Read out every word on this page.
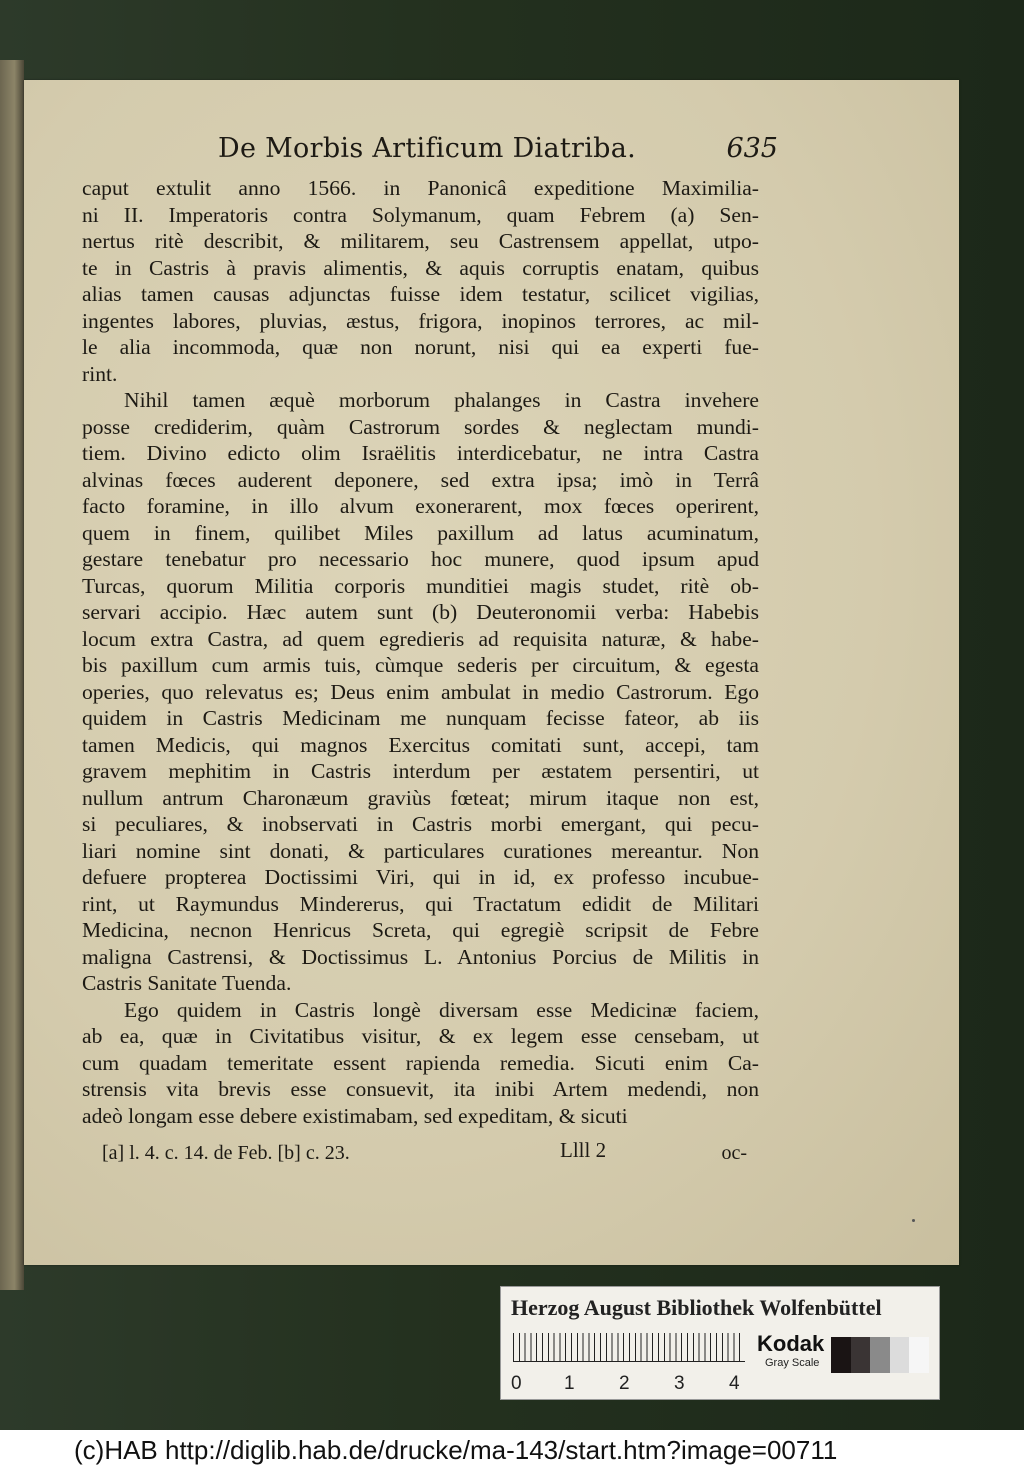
De Morbis Artificum Diatriba.	635
caput extulit anno 1566. in Panonicâ expeditione Maximilia-
ni II. Imperatoris contra Solymanum, quam Febrem (a) Sen-
nertus ritè describit, & militarem, seu Castrensem appellat, utpo-
te in Castris à pravis alimentis, & aquis corruptis enatam, quibus
alias tamen causas adjunctas fuisse idem testatur, scilicet vigilias,
ingentes labores, pluvias, æstus, frigora, inopinos terrores, ac mil-
le alia incommoda, quæ non norunt, nisi qui ea experti fue-
rint.
Nihil tamen æquè morborum phalanges in Castra invehere
posse crediderim, quàm Castrorum sordes & neglectam mundi-
tiem. Divino edicto olim Israëlitis interdicebatur, ne intra Castra
alvinas fœces auderent deponere, sed extra ipsa; imò in Terrâ
facto foramine, in illo alvum exonerarent, mox fœces operirent,
quem in finem, quilibet Miles paxillum ad latus acuminatum,
gestare tenebatur pro necessario hoc munere, quod ipsum apud
Turcas, quorum Militia corporis munditiei magis studet, ritè ob-
servari accipio. Hæc autem sunt (b) Deuteronomii verba: Habebis
locum extra Castra, ad quem egredieris ad requisita naturæ, & habe-
bis paxillum cum armis tuis, cùmque sederis per circuitum, & egesta
operies, quo relevatus es; Deus enim ambulat in medio Castrorum. Ego
quidem in Castris Medicinam me nunquam fecisse fateor, ab iis
tamen Medicis, qui magnos Exercitus comitati sunt, accepi, tam
gravem mephitim in Castris interdum per æstatem persentiri, ut
nullum antrum Charonæum graviùs fœteat; mirum itaque non est,
si peculiares, & inobservati in Castris morbi emergant, qui pecu-
liari nomine sint donati, & particulares curationes mereantur. Non
defuere propterea Doctissimi Viri, qui in id, ex professo incubue-
rint, ut Raymundus Mindererus, qui Tractatum edidit de Militari
Medicina, necnon Henricus Screta, qui egregiè scripsit de Febre
maligna Castrensi, & Doctissimus L. Antonius Porcius de Militis in
Castris Sanitate Tuenda.
Ego quidem in Castris longè diversam esse Medicinæ faciem,
ab ea, quæ in Civitatibus visitur, & ex legem esse censebam, ut
cum quadam temeritate essent rapienda remedia. Sicuti enim Ca-
strensis vita brevis esse consuevit, ita inibi Artem medendi, non
adeò longam esse debere existimabam, sed expeditam, & sicuti
[a] l. 4. c. 14. de Feb. [b] c. 23.	Llll 2	oc-
Herzog August Bibliothek Wolfenbüttel
0 1 2 3 4
Kodak
Gray Scale
(c)HAB http://diglib.hab.de/drucke/ma-143/start.htm?image=00711
